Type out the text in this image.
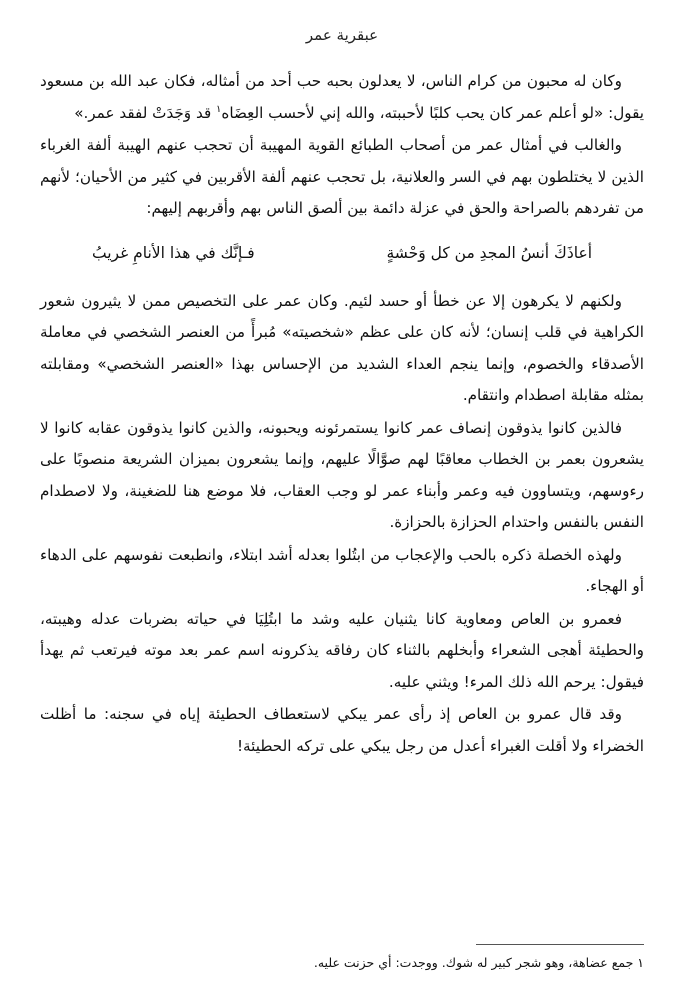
عبقرية عمر

وكان له محبون من كرام الناس، لا يعدلون بحبه حب أحد من أمثاله، فكان عبد الله بن مسعود يقول: «لو أعلم عمر كان يحب كلبًا لأحببته، والله إني لأحسب العِضَاه$^١$ قد وَجَدَتْ لفقد عمر.»

والغالب في أمثال عمر من أصحاب الطبائع القوية المهيبة أن تحجب عنهم الهيبة ألفة الغرباء الذين لا يختلطون بهم في السر والعلانية، بل تحجب عنهم ألفة الأقربين في كثير من الأحيان؛ لأنهم من تفردهم بالصراحة والحق في عزلة دائمة بين ألصق الناس بهم وأقربهم إليهم:

أعاذَكَ أنسُ المجدِ من كل وَحْشةٍ
فـإنَّك في هذا الأنامِ غريبُ

ولكنهم لا يكرهون إلا عن خطأ أو حسد لئيم. وكان عمر على التخصيص ممن لا يثيرون شعور الكراهية في قلب إنسان؛ لأنه كان على عظم «شخصيته» مُبرأً من العنصر الشخصي في معاملة الأصدقاء والخصوم، وإنما ينجم العداء الشديد من الإحساس بهذا «العنصر الشخصي» ومقابلته بمثله مقابلة اصطدام وانتقام.

فالذين كانوا يذوقون إنصاف عمر كانوا يستمرئونه ويحبونه، والذين كانوا يذوقون عقابه كانوا لا يشعرون بعمر بن الخطاب معاقبًا لهم صوَّالًا عليهم، وإنما يشعرون بميزان الشريعة منصوبًا على رءوسهم، ويتساوون فيه وعمر وأبناء عمر لو وجب العقاب، فلا موضع هنا للضغينة، ولا لاصطدام النفس بالنفس واحتدام الحزازة بالحزازة.

ولهذه الخصلة ذكره بالحب والإعجاب من ابتُلوا بعدله أشد ابتلاء، وانطبعت نفوسهم على الدهاء أو الهجاء.

فعمرو بن العاص ومعاوية كانا يثنيان عليه وشد ما ابتُلِيَا في حياته بضربات عدله وهيبته، والحطيئة أهجى الشعراء وأبخلهم بالثناء كان رفاقه يذكرونه اسم عمر بعد موته فيرتعب ثم يهدأ فيقول: يرحم الله ذلك المرء! ويثني عليه.

وقد قال عمرو بن العاص إذ رأى عمر يبكي لاستعطاف الحطيئة إياه في سجنه: ما أظلت الخضراء ولا أقلت الغبراء أعدل من رجل يبكي على تركه الحطيئة!

١ جمع عضاهة، وهو شجر كبير له شوك. ووجدت: أي حزنت عليه.
